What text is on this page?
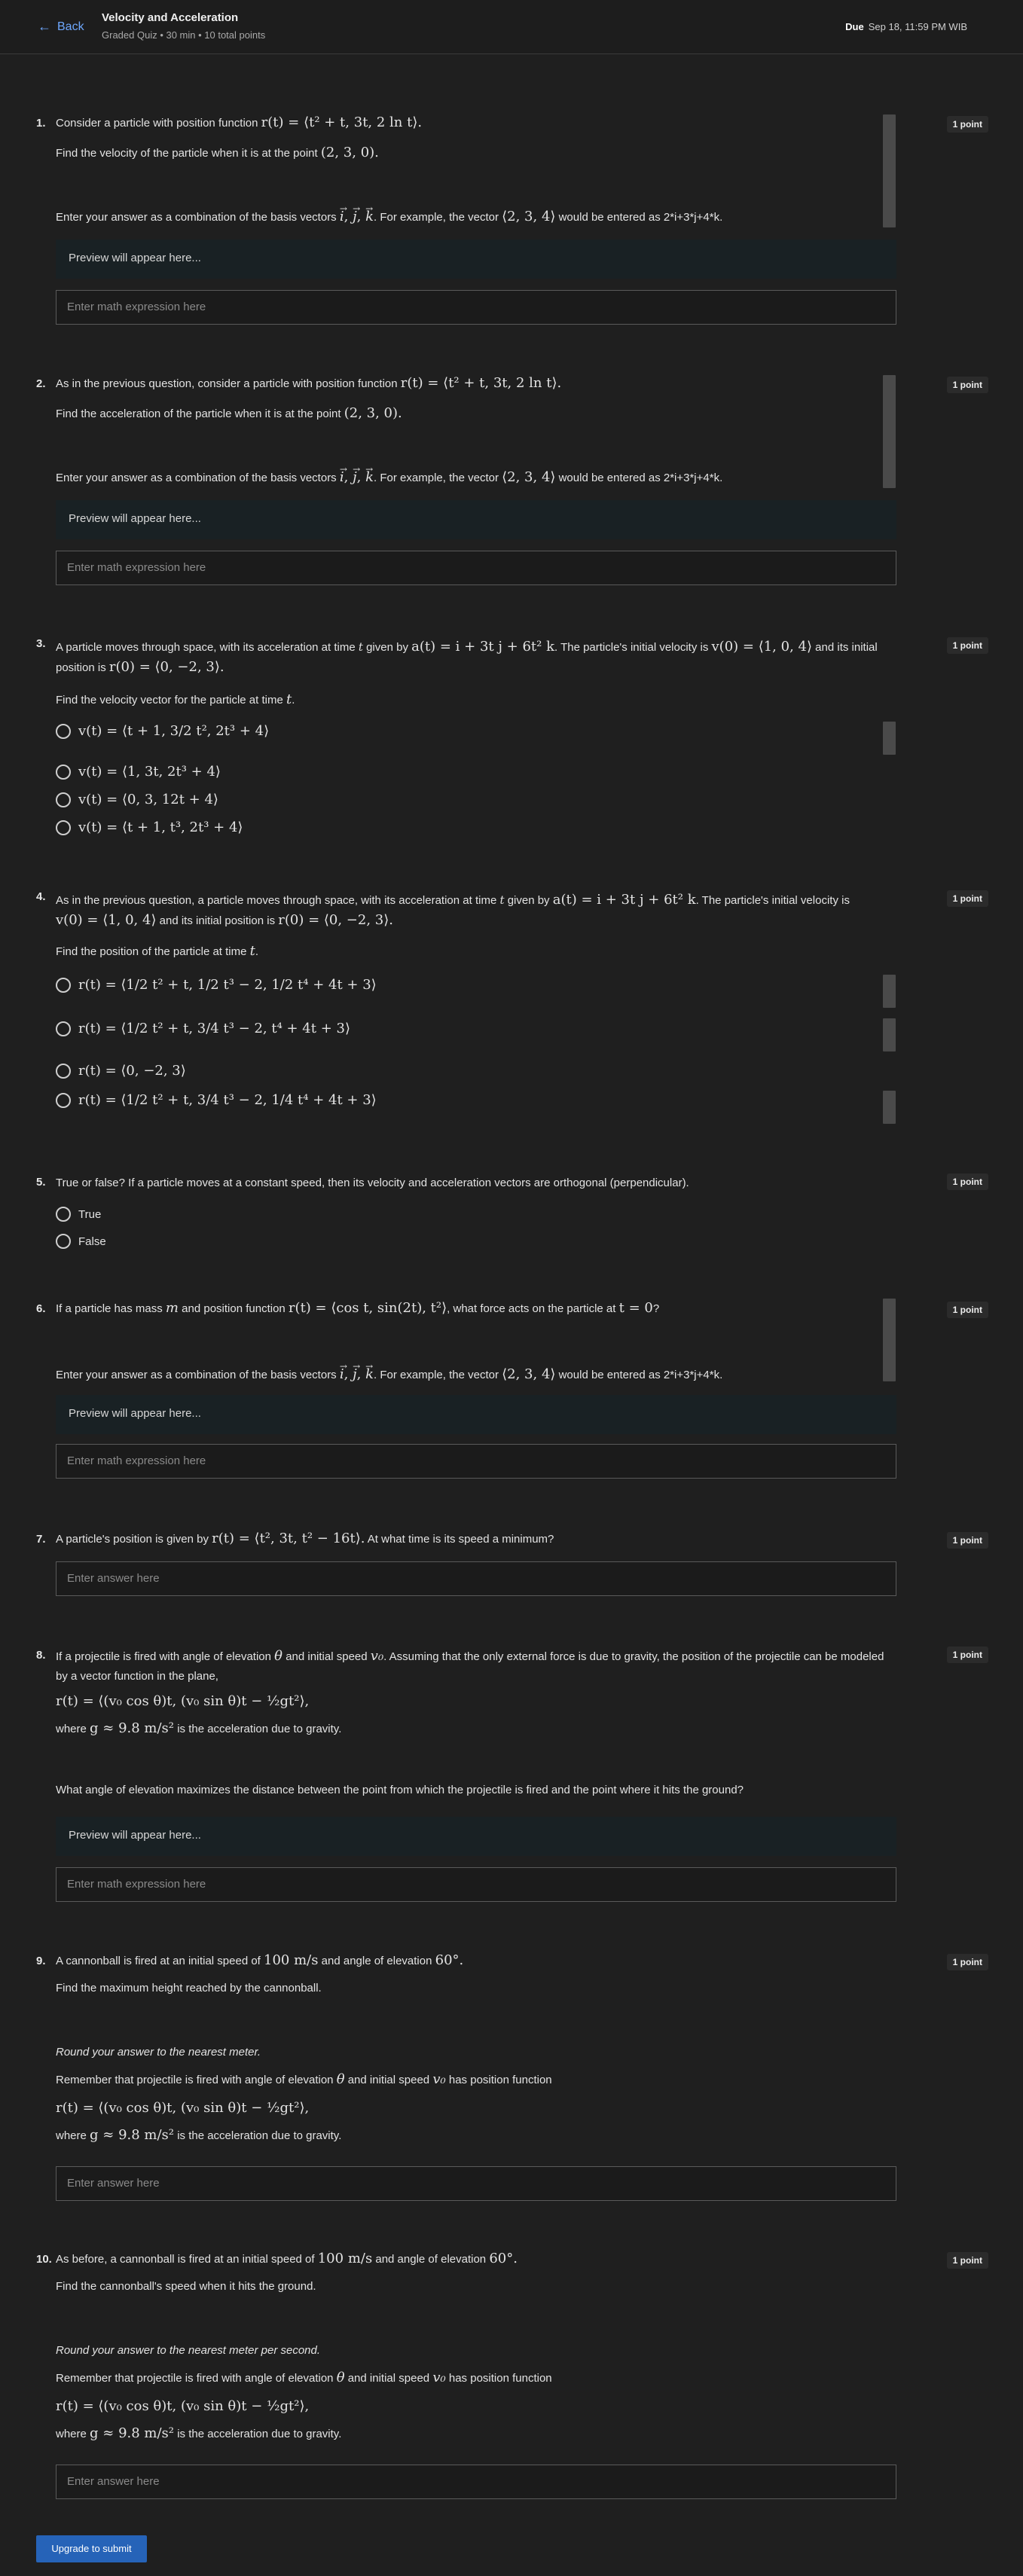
← Back
Velocity and Acceleration
Graded Quiz • 30 min • 10 total points
Due Sep 18, 11:59 PM WIB
1. Consider a particle with position function r(t) = ⟨t² + t, 3t, 2 ln t⟩.
Find the velocity of the particle when it is at the point (2, 3, 0).
1 point
Enter your answer as a combination of the basis vectors → i, → j, → k. For example, the vector ⟨2, 3, 4⟩ would be entered as 2*i+3*j+4*k.
Preview will appear here...
Enter math expression here
2. As in the previous question, consider a particle with position function r(t) = ⟨t² + t, 3t, 2 ln t⟩.
Find the acceleration of the particle when it is at the point (2, 3, 0).
1 point
Enter your answer as a combination of the basis vectors → i, → j, → k. For example, the vector ⟨2, 3, 4⟩ would be entered as 2*i+3*j+4*k.
Preview will appear here...
Enter math expression here
3. A particle moves through space, with its acceleration at time t given by a(t) = i + 3t j + 6t² k. The particle's initial velocity is v(0) = ⟨1, 0, 4⟩ and its initial
position is r(0) = ⟨0, −2, 3⟩.
Find the velocity vector for the particle at time t.
1 point
v(t) = ⟨t + 1, 3/2 t², 2t³ + 4⟩
v(t) = ⟨1, 3t, 2t³ + 4⟩
v(t) = ⟨0, 3, 12t + 4⟩
v(t) = ⟨t + 1, t³, 2t³ + 4⟩
4. As in the previous question, a particle moves through space, with its acceleration at time t given by a(t) = i + 3t j + 6t² k. The particle's initial velocity is
v(0) = ⟨1, 0, 4⟩ and its initial position is r(0) = ⟨0, −2, 3⟩.
Find the position of the particle at time t.
1 point
r(t) = ⟨1/2 t² + t, 1/2 t³ − 2, 1/2 t⁴ + 4t + 3⟩
r(t) = ⟨1/2 t² + t, 3/4 t³ − 2, t⁴ + 4t + 3⟩
r(t) = ⟨0, −2, 3⟩
r(t) = ⟨1/2 t² + t, 3/4 t³ − 2, 1/4 t⁴ + 4t + 3⟩
5. True or false? If a particle moves at a constant speed, then its velocity and acceleration vectors are orthogonal (perpendicular).	1 point
True
False
6. If a particle has mass m and position function r(t) = ⟨cos t, sin(2t), t²⟩, what force acts on the particle at t = 0?	1 point
Enter your answer as a combination of the basis vectors → i, → j, → k. For example, the vector ⟨2, 3, 4⟩ would be entered as 2*i+3*j+4*k.
Preview will appear here...
Enter math expression here
7. A particle's position is given by r(t) = ⟨t², 3t, t² − 16t⟩. At what time is its speed a minimum?	1 point
Enter answer here
8. If a projectile is fired with angle of elevation θ and initial speed v₀. Assuming that the only external force is due to gravity, the position of the projectile can be modeled
by a vector function in the plane,
r(t) = ⟨(v₀ cos θ)t, (v₀ sin θ)t − ½gt²⟩,
where g ≈ 9.8 m/s² is the acceleration due to gravity.
1 point
What angle of elevation maximizes the distance between the point from which the projectile is fired and the point where it hits the ground?
Preview will appear here...
Enter math expression here
9. A cannonball is fired at an initial speed of 100 m/s and angle of elevation 60°.
Find the maximum height reached by the cannonball.
1 point
Round your answer to the nearest meter.
Remember that projectile is fired with angle of elevation θ and initial speed v₀ has position function
r(t) = ⟨(v₀ cos θ)t, (v₀ sin θ)t − ½gt²⟩,
where g ≈ 9.8 m/s² is the acceleration due to gravity.
Enter answer here
10. As before, a cannonball is fired at an initial speed of 100 m/s and angle of elevation 60°.
Find the cannonball's speed when it hits the ground.
1 point
Round your answer to the nearest meter per second.
Remember that projectile is fired with angle of elevation θ and initial speed v₀ has position function
r(t) = ⟨(v₀ cos θ)t, (v₀ sin θ)t − ½gt²⟩,
where g ≈ 9.8 m/s² is the acceleration due to gravity.
Enter answer here
Upgrade to submit
